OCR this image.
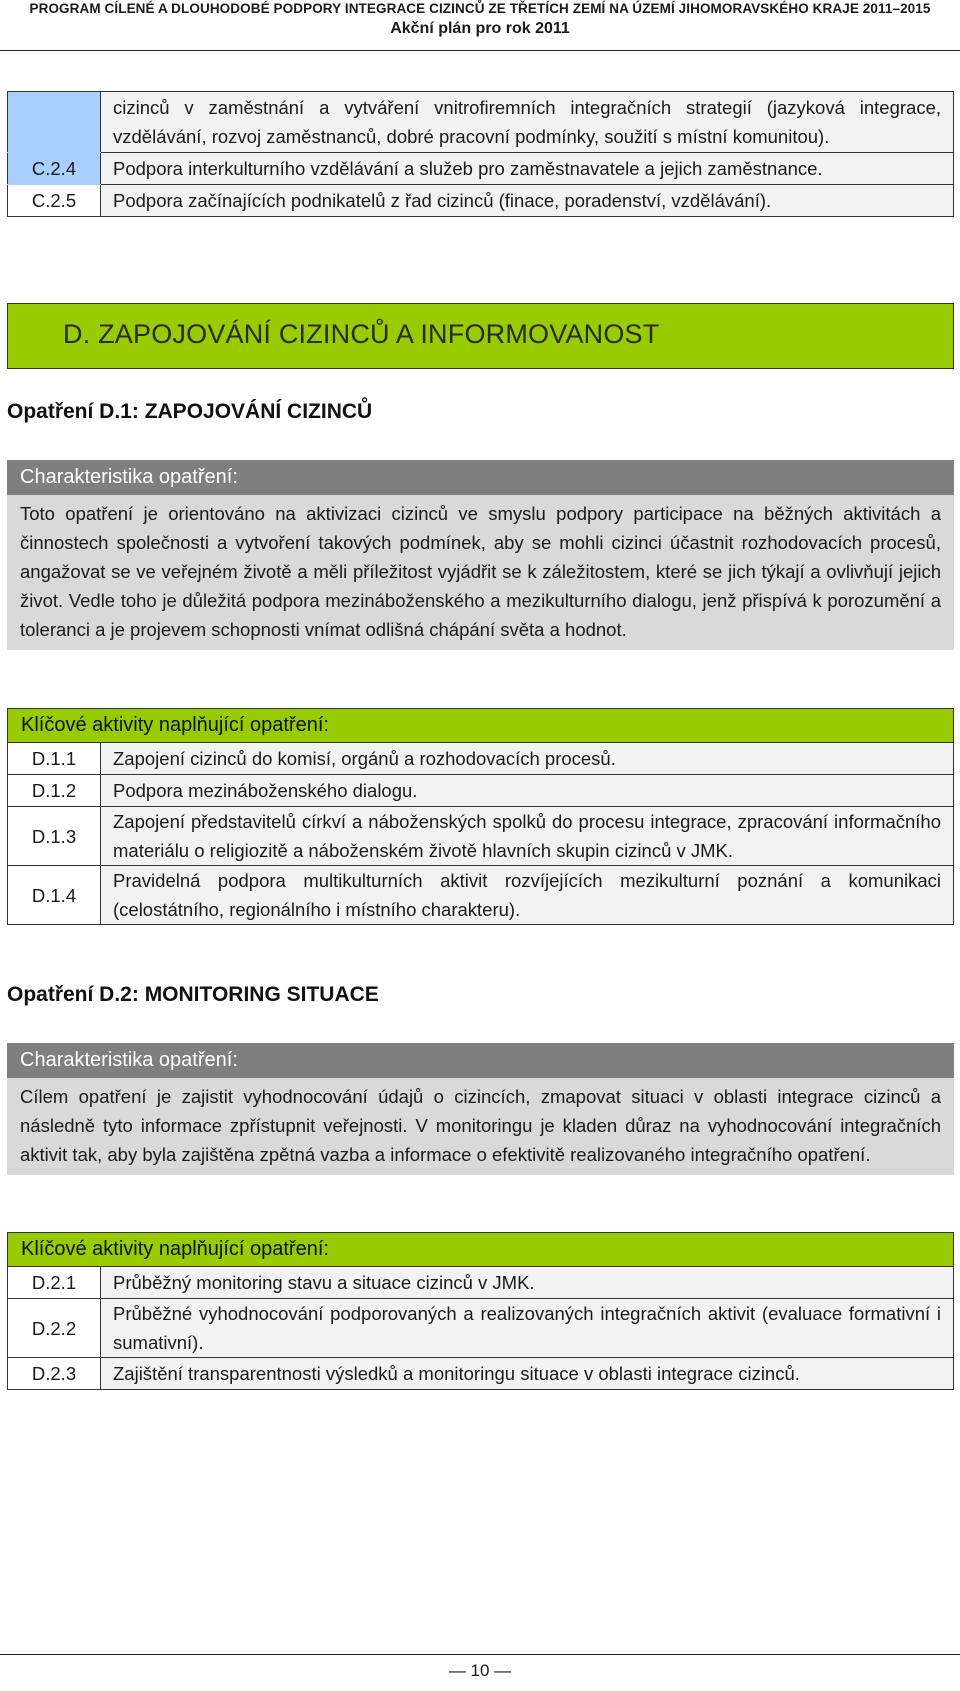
PROGRAM CÍLENÉ A DLOUHODOBÉ PODPORY INTEGRACE CIZINCŮ ZE TŘETÍCH ZEMÍ NA ÚZEMÍ JIHOMORAVSKÉHO KRAJE 2011–2015
Akční plán pro rok 2011
	cizinců v zaměstnání a vytváření vnitrofiremních integračních strategií (jazyková integrace, vzdělávání, rozvoj zaměstnanců, dobré pracovní podmínky, soužití s místní komunitou).
C.2.4	Podpora interkulturního vzdělávání a služeb pro zaměstnavatele a jejich zaměstnance.
C.2.5	Podpora začínajících podnikatelů z řad cizinců (finace, poradenství, vzdělávání).
D. ZAPOJOVÁNÍ CIZINCŮ A INFORMOVANOST
Opatření D.1: ZAPOJOVÁNÍ CIZINCŮ
Charakteristika opatření:
Toto opatření je orientováno na aktivizaci cizinců ve smyslu podpory participace na běžných aktivitách a činnostech společnosti a vytvoření takových podmínek, aby se mohli cizinci účastnit rozhodovacích procesů, angažovat se ve veřejném životě a měli příležitost vyjádřit se k záležitostem, které se jich týkají a ovlivňují jejich život. Vedle toho je důležitá podpora mezináboženského a mezikulturního dialogu, jenž přispívá k porozumění a toleranci a je projevem schopnosti vnímat odlišná chápání světa a hodnot.
Klíčové aktivity naplňující opatření:
D.1.1	Zapojení cizinců do komisí, orgánů a rozhodovacích procesů.
D.1.2	Podpora mezináboženského dialogu.
D.1.3	Zapojení představitelů církví a náboženských spolků do procesu integrace, zpracování informačního materiálu o religiozitě a náboženském životě hlavních skupin cizinců v JMK.
D.1.4	Pravidelná podpora multikulturních aktivit rozvíjejících mezikulturní poznání a komunikaci (celostátního, regionálního i místního charakteru).
Opatření D.2: MONITORING SITUACE
Charakteristika opatření:
Cílem opatření je zajistit vyhodnocování údajů o cizincích, zmapovat situaci v oblasti integrace cizinců a následně tyto informace zpřístupnit veřejnosti. V monitoringu je kladen důraz na vyhodnocování integračních aktivit tak, aby byla zajištěna zpětná vazba a informace o efektivitě realizovaného integračního opatření.
Klíčové aktivity naplňující opatření:
D.2.1	Průběžný monitoring stavu a situace cizinců v JMK.
D.2.2	Průběžné vyhodnocování podporovaných a realizovaných integračních aktivit (evaluace formativní i sumativní).
D.2.3	Zajištění transparentnosti výsledků a monitoringu situace v oblasti integrace cizinců.
— 10 —
